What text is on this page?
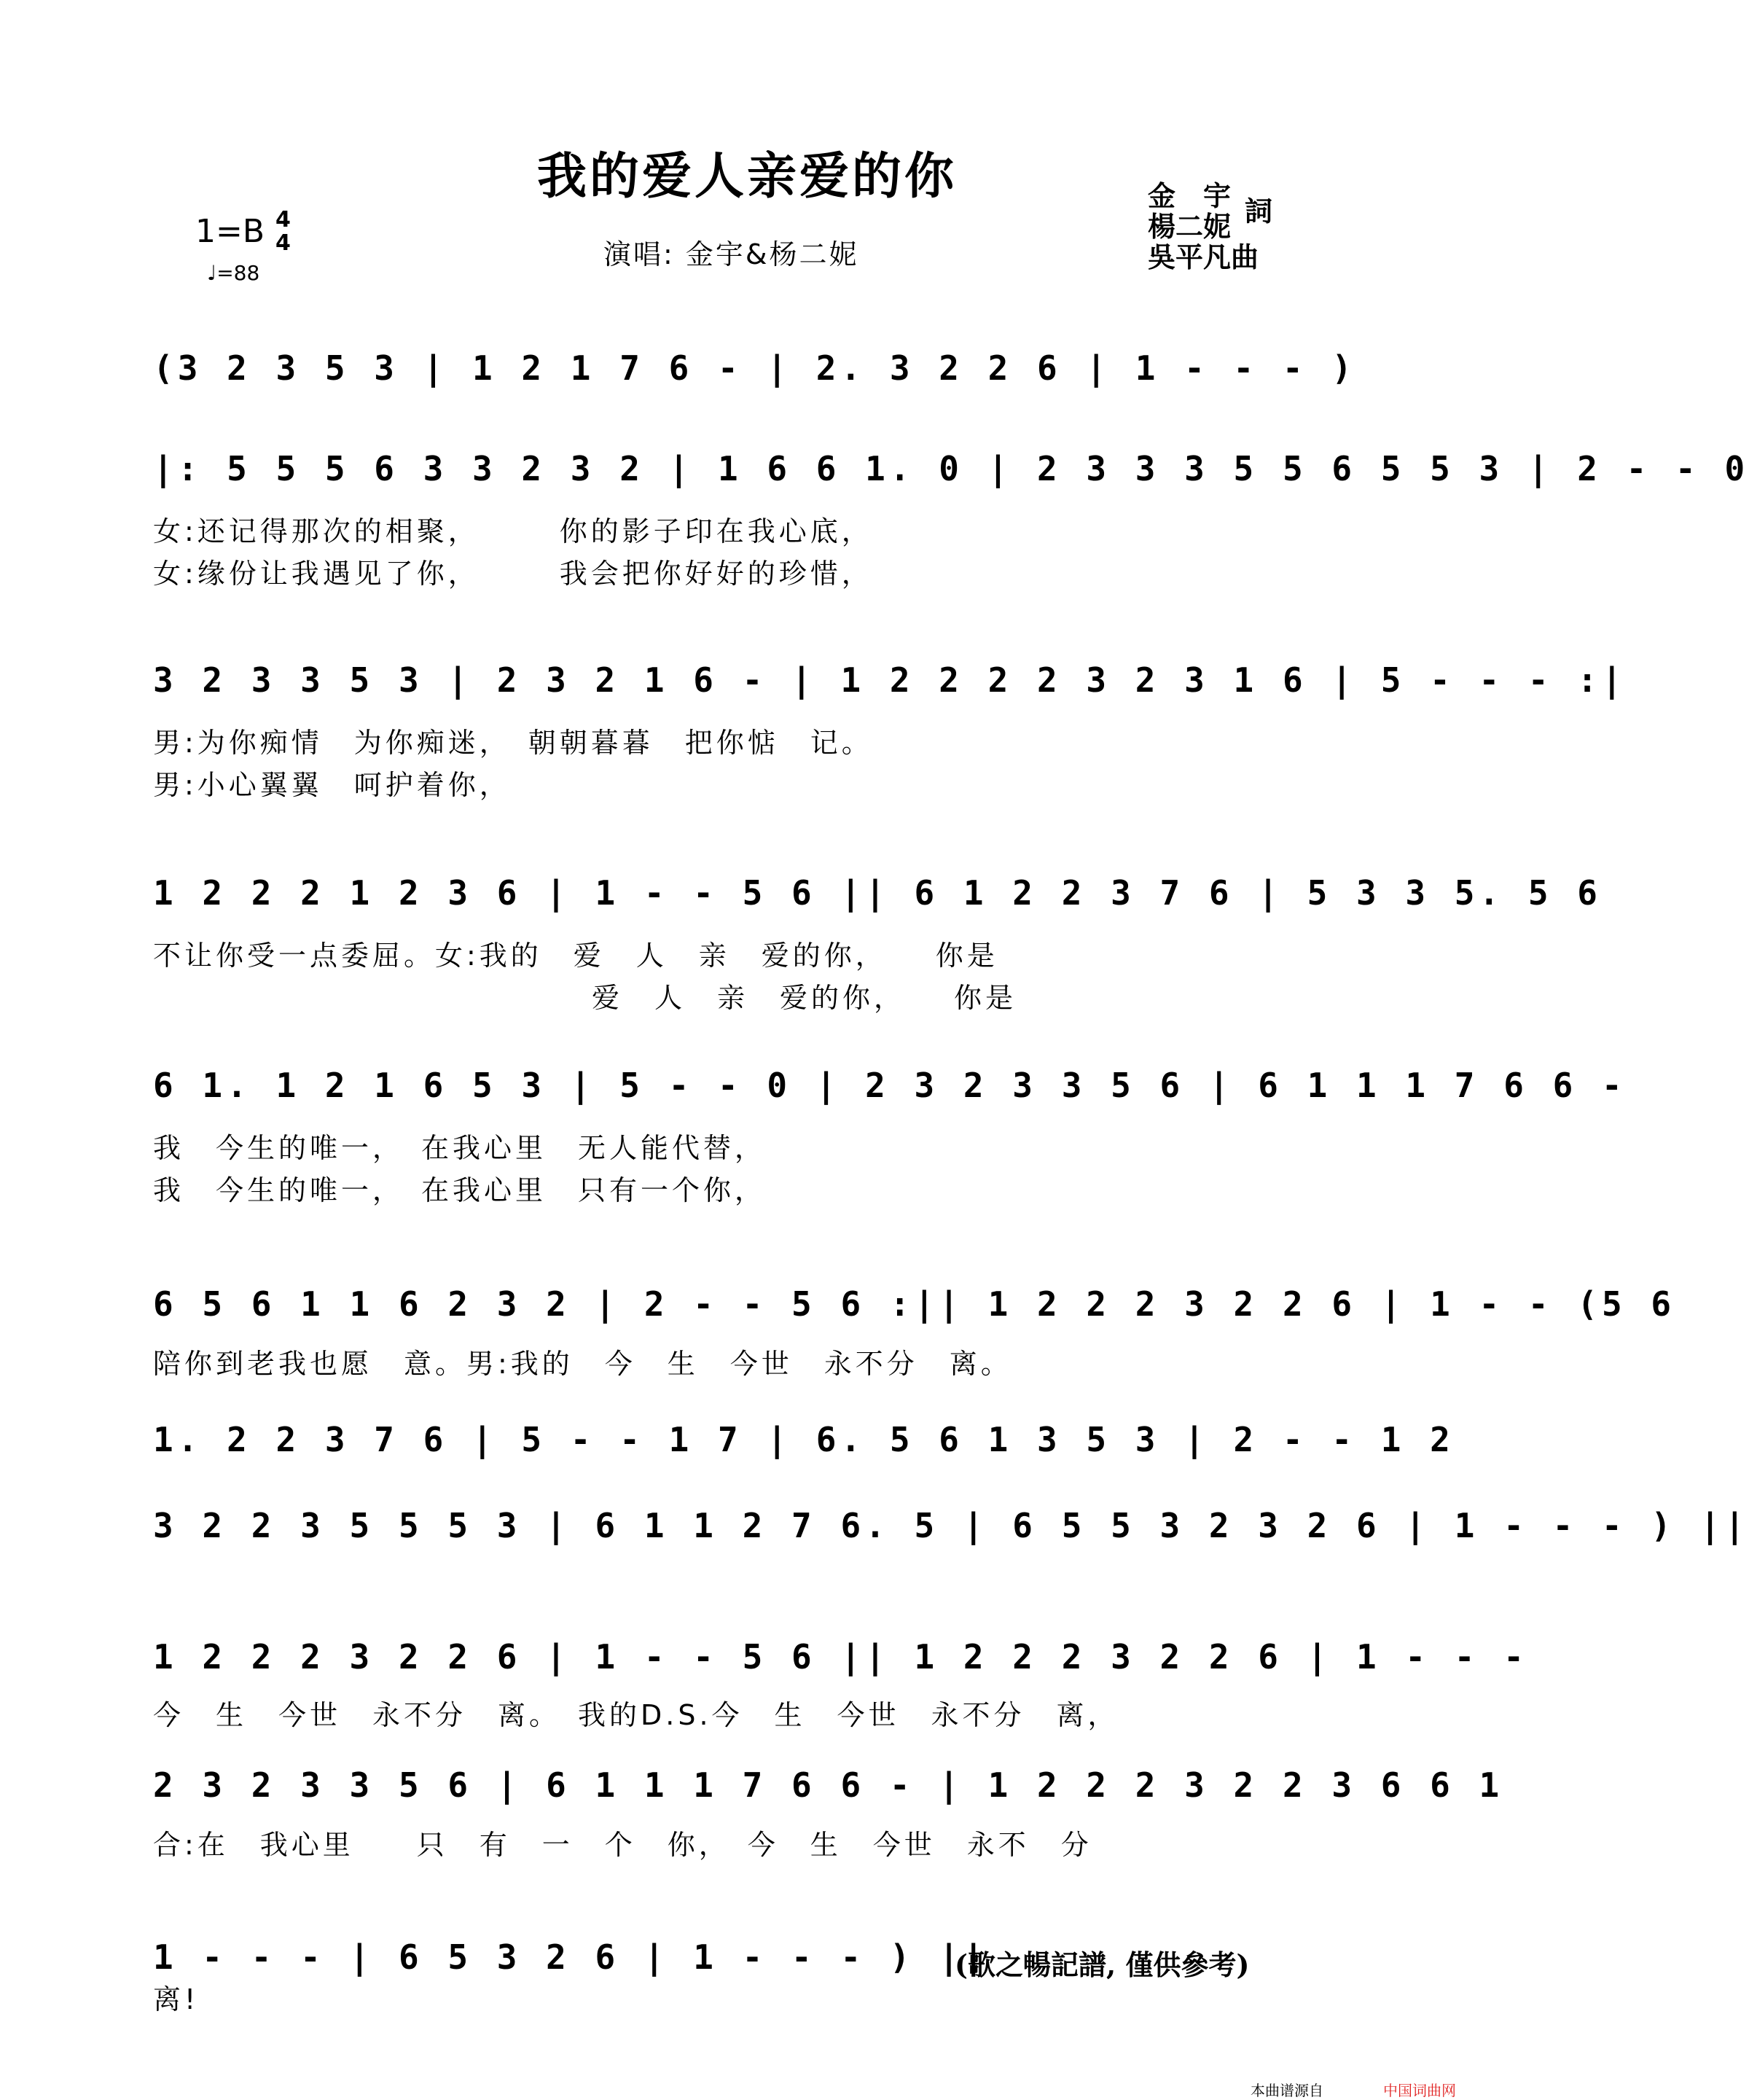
我的爱人亲爱的你
1=B 4
4
♩=88
演唱: 金宇&杨二妮
金　宇
楊二妮 詞
吳平凡曲
(3 2 3 5 3 | 1 2 1 7 6 - | 2. 3 2 2 6 | 1 - - - )
|: 5 5 5 6 3 3 2 3 2 | 1 6 6 1. 0 | 2 3 3 3 5 5 6 5 5 3 | 2 - - 0
女:还记得那次的相聚，　　　你的影子印在我心底，
女:缘份让我遇见了你，　　　我会把你好好的珍惜，
3 2 3 3 5 3 | 2 3 2 1 6 - | 1 2 2 2 2 3 2 3 1 6 | 5 - - - :|
男:为你痴情　为你痴迷，　朝朝暮暮　把你惦　记。
男:小心翼翼　呵护着你，
1 2 2 2 1 2 3 6 | 1 - - 5 6 || 6 1 2 2 3 7 6 | 5 3 3 5. 5 6
不让你受一点委屈。女:我的　爱　人　亲　爱的你，　　你是
　　　　　　　　　　　　　　爱　人　亲　爱的你，　　你是
6 1. 1 2 1 6 5 3 | 5 - - 0 | 2 3 2 3 3 5 6 | 6 1 1 1 7 6 6 -
我　今生的唯一，　在我心里　无人能代替，
我　今生的唯一，　在我心里　只有一个你，
6 5 6 1 1 6 2 3 2 | 2 - - 5 6 :|| 1 2 2 2 3 2 2 6 | 1 - - (5 6
陪你到老我也愿　意。男:我的　今　生　今世　永不分　离。
1. 2 2 3 7 6 | 5 - - 1 7 | 6. 5 6 1 3 5 3 | 2 - - 1 2
3 2 2 3 5 5 5 3 | 6 1 1 2 7 6. 5 | 6 5 5 3 2 3 2 6 | 1 - - - ) ||
1 2 2 2 3 2 2 6 | 1 - - 5 6 || 1 2 2 2 3 2 2 6 | 1 - - -
今　生　今世　永不分　离。　我的D.S.今　生　今世　永不分　离，
2 3 2 3 3 5 6 | 6 1 1 1 7 6 6 - | 1 2 2 2 3 2 2 3 6 6 1
合:在　我心里　　只　有　一　个　你，　今　生　今世　永不　分
1 - - - | 6 5 3 2 6 | 1 - - - ) ||
(歌之暢記譜, 僅供參考)
离!
本曲谱源自	中国词曲网
